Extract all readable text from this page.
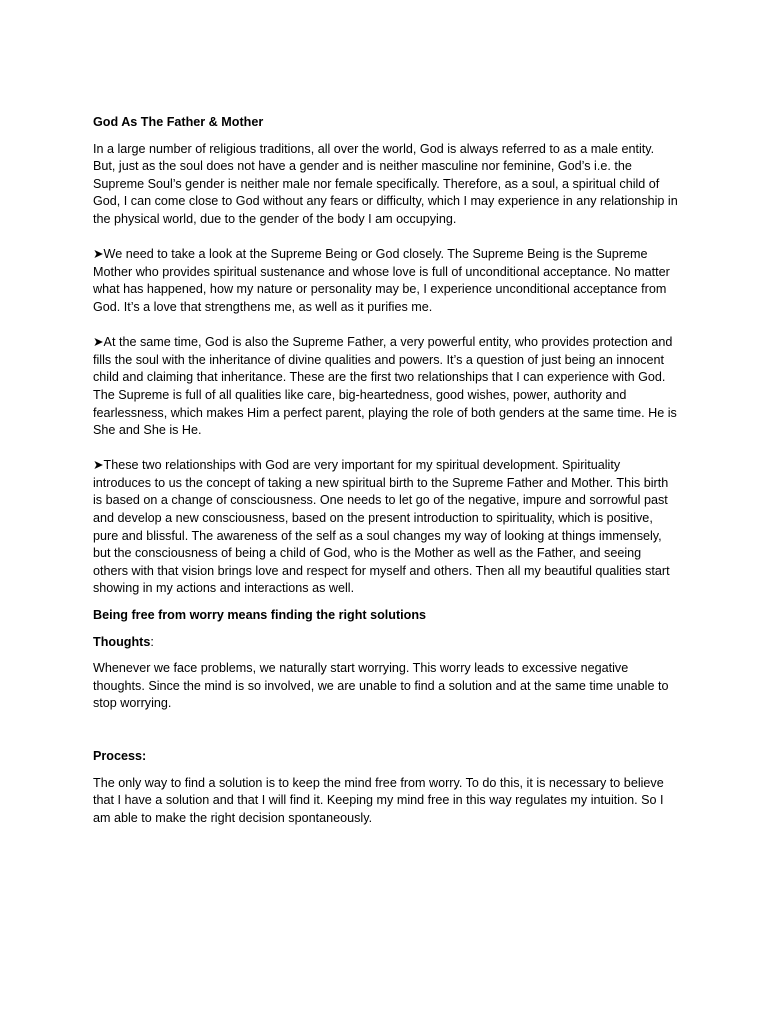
God As The Father & Mother

In a large number of religious traditions, all over the world, God is always referred to as a male entity. But, just as the soul does not have a gender and is neither masculine nor feminine, God’s i.e. the Supreme Soul’s gender is neither male nor female specifically. Therefore, as a soul, a spiritual child of God, I can come close to God without any fears or difficulty, which I may experience in any relationship in the physical world, due to the gender of the body I am occupying.

➤We need to take a look at the Supreme Being or God closely. The Supreme Being is the Supreme Mother who provides spiritual sustenance and whose love is full of unconditional acceptance. No matter what has happened, how my nature or personality may be, I experience unconditional acceptance from God. It’s a love that strengthens me, as well as it purifies me.

➤At the same time, God is also the Supreme Father, a very powerful entity, who provides protection and fills the soul with the inheritance of divine qualities and powers. It’s a question of just being an innocent child and claiming that inheritance. These are the first two relationships that I can experience with God. The Supreme is full of all qualities like care, big-heartedness, good wishes, power, authority and fearlessness, which makes Him a perfect parent, playing the role of both genders at the same time. He is She and She is He.

➤These two relationships with God are very important for my spiritual development. Spirituality introduces to us the concept of taking a new spiritual birth to the Supreme Father and Mother. This birth is based on a change of consciousness. One needs to let go of the negative, impure and sorrowful past and develop a new consciousness, based on the present introduction to spirituality, which is positive, pure and blissful. The awareness of the self as a soul changes my way of looking at things immensely, but the consciousness of being a child of God, who is the Mother as well as the Father, and seeing others with that vision brings love and respect for myself and others. Then all my beautiful qualities start showing in my actions and interactions as well.

Being free from worry means finding the right solutions

Thoughts:

Whenever we face problems, we naturally start worrying. This worry leads to excessive negative thoughts. Since the mind is so involved, we are unable to find a solution and at the same time unable to stop worrying.

Process:

The only way to find a solution is to keep the mind free from worry. To do this, it is necessary to believe that I have a solution and that I will find it. Keeping my mind free in this way regulates my intuition. So I am able to make the right decision spontaneously.
